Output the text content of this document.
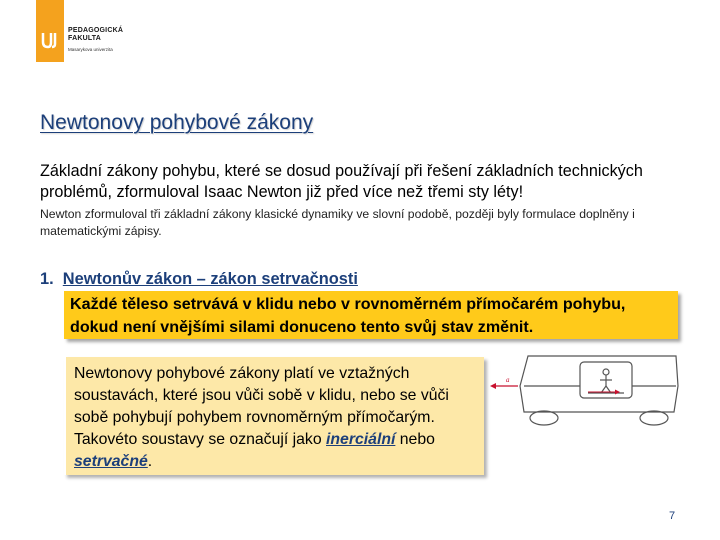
PEDAGOGICKÁ
FAKULTA
Masarykova univerzita
Newtonovy pohybové zákony
Základní zákony pohybu, které se dosud používají při řešení základních technických problémů, zformuloval Isaac Newton již před více než třemi sty léty!
Newton zformuloval tři základní zákony klasické dynamiky ve slovní podobě, později byly formulace doplněny i matematickými zápisy.
1. Newtonův zákon – zákon setrvačnosti
Každé těleso setrvává v klidu nebo v rovnoměrném přímočarém pohybu, dokud není vnějšími silami donuceno tento svůj stav změnit.
Newtonovy pohybové zákony platí ve vztažných soustavách, které jsou vůči sobě v klidu, nebo se vůči sobě pohybují pohybem rovnoměrným přímočarým. Takovéto soustavy se označují jako inerciální nebo setrvačné.
a
7
